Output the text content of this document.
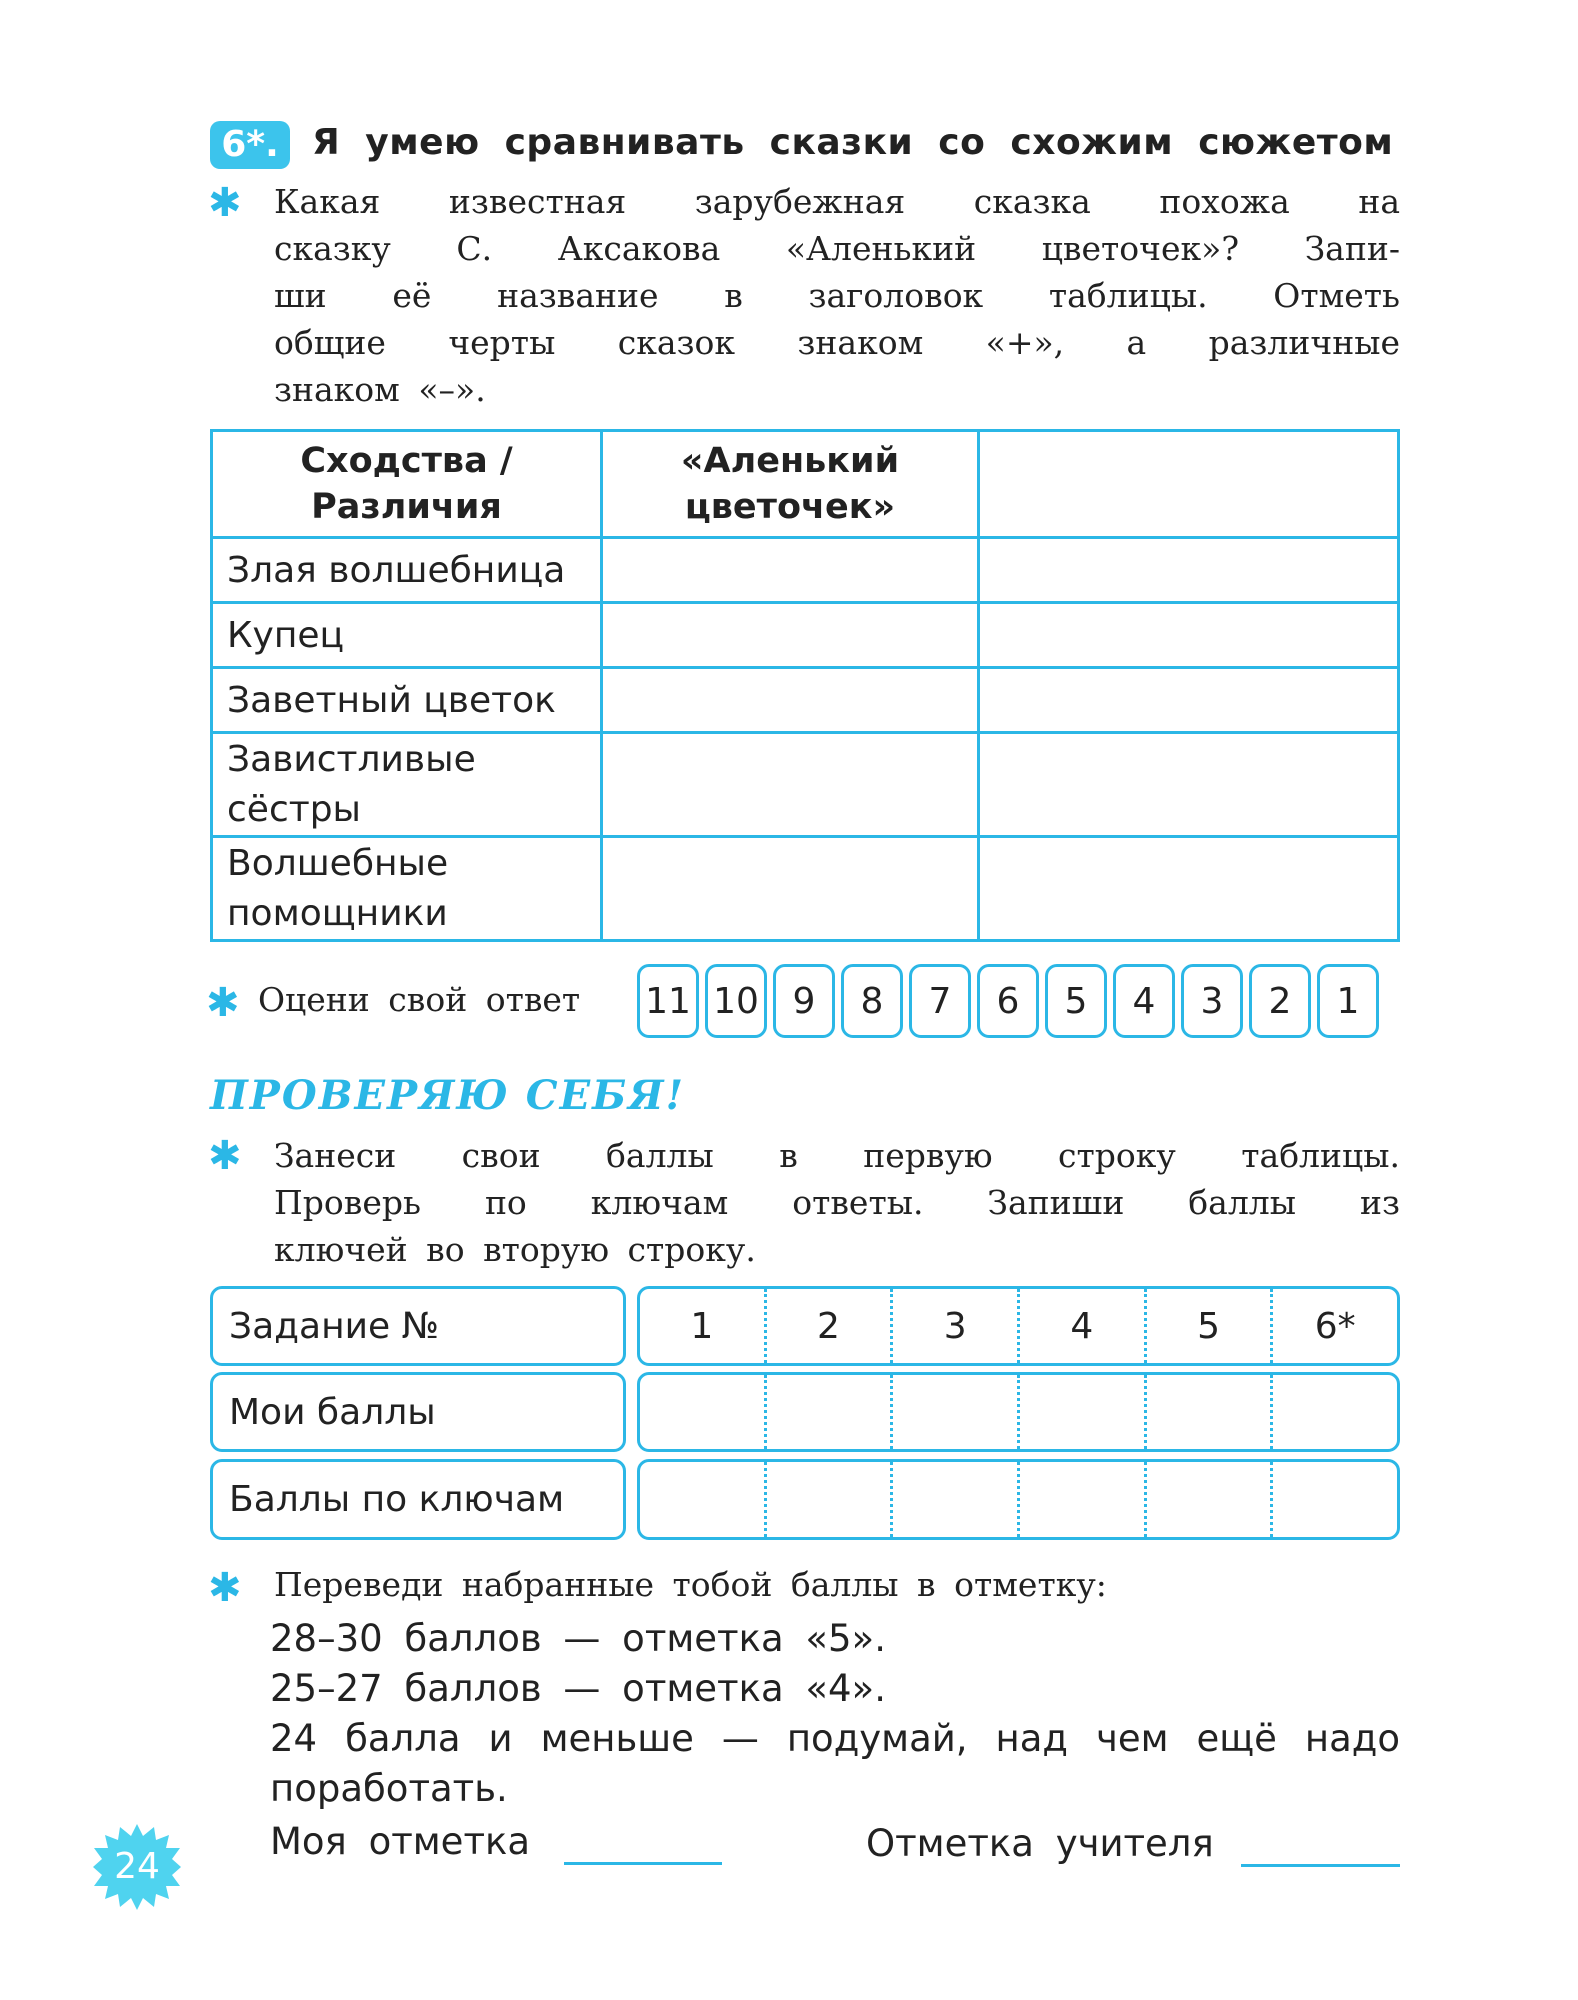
6*. Я умею сравнивать сказки со схожим сюжетом
✱ Какая известная зарубежная сказка похожа на
сказку С. Аксакова «Аленький цветочек»? Запи-
ши её название в заголовок таблицы. Отметь
общие черты сказок знаком «+», а различные
знаком «–».
Сходства / Различия	«Аленький цветочек»	
Злая волшебница		
Купец		
Заветный цветок		
Завистливые сёстры		
Волшебные помощники		
✱ Оцени свой ответ 11 10 9	8	7	6	5	4	3	2	1
ПРОВЕРЯЮ СЕБЯ!
✱ Занеси свои баллы в первую строку таблицы.
Проверь по ключам ответы. Запиши баллы из
ключей во вторую строку.
Задание №	1	2	3	4	5	6*
Мои баллы
Баллы по ключам
✱ Переведи набранные тобой баллы в отметку:
28–30 баллов — отметка «5».
25–27 баллов — отметка «4».
24 балла и меньше — подумай, над чем ещё надо
поработать.
Моя отметка	Отметка учителя
24
